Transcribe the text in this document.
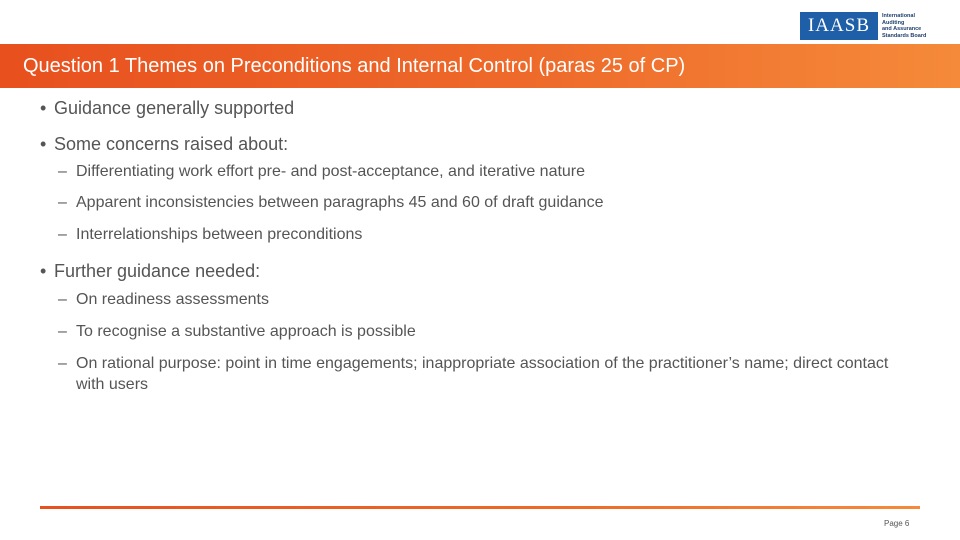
IAASB	International Auditing
and Assurance
Standards Board
Question 1 Themes on Preconditions and Internal Control (paras 25 of CP)
• Guidance generally supported
• Some concerns raised about:
– Differentiating work effort pre- and post-acceptance, and iterative nature
– Apparent inconsistencies between paragraphs 45 and 60 of draft guidance
– Interrelationships between preconditions
• Further guidance needed:
– On readiness assessments
– To recognise a substantive approach is possible
– On rational purpose: point in time engagements; inappropriate association of the practitioner’s name; direct contact with users
Page 6
